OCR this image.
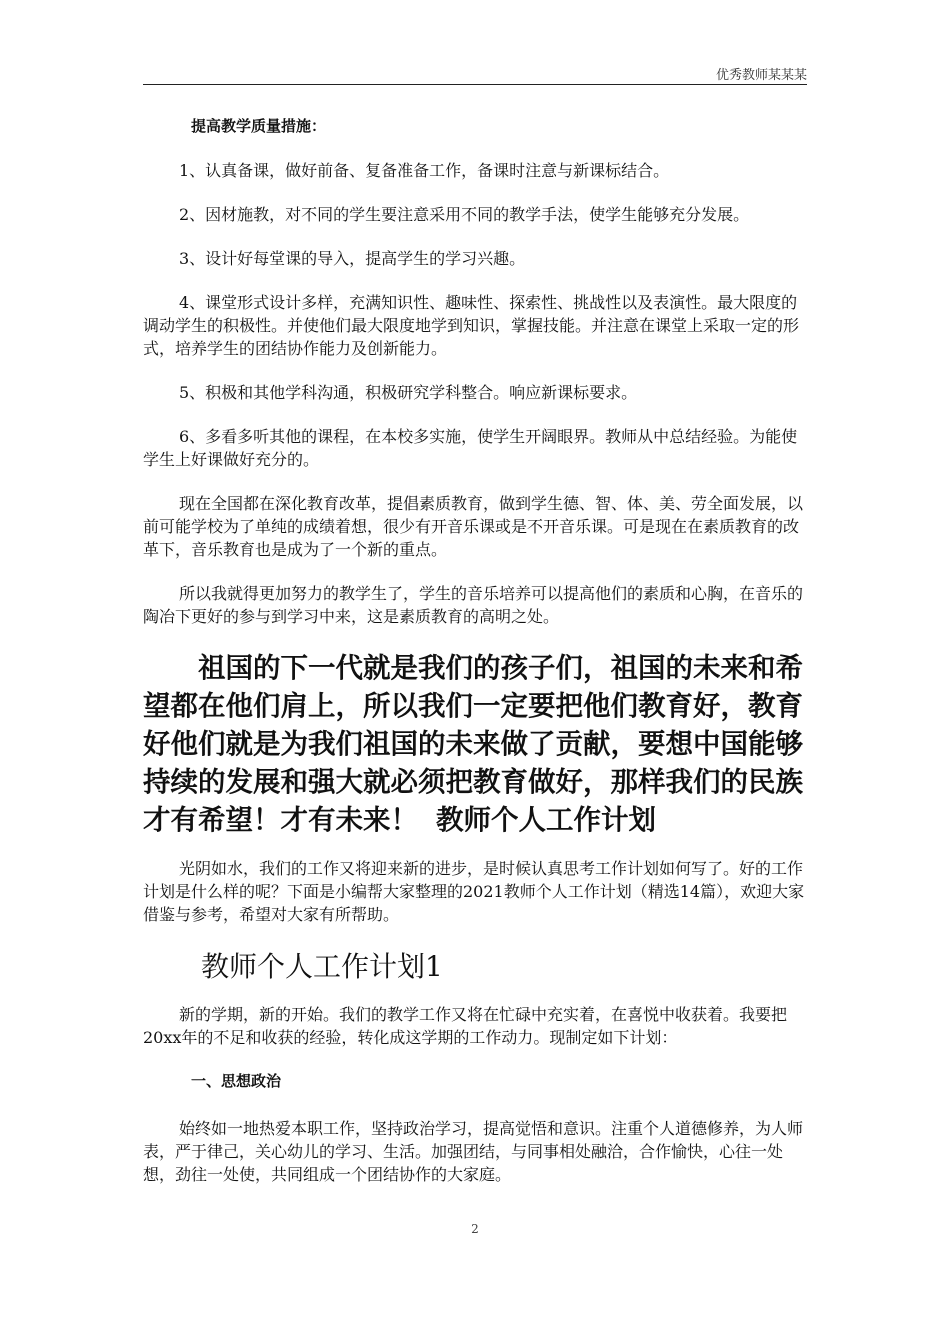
优秀教师某某某
提高教学质量措施：

1、认真备课，做好前备、复备准备工作，备课时注意与新课标结合。

2、因材施教，对不同的学生要注意采用不同的教学手法，使学生能够充分发展。

3、设计好每堂课的导入，提高学生的学习兴趣。

4、课堂形式设计多样，充满知识性、趣味性、探索性、挑战性以及表演性。最大限度的调动学生的积极性。并使他们最大限度地学到知识，掌握技能。并注意在课堂上采取一定的形式，培养学生的团结协作能力及创新能力。

5、积极和其他学科沟通，积极研究学科整合。响应新课标要求。

6、多看多听其他的课程，在本校多实施，使学生开阔眼界。教师从中总结经验。为能使学生上好课做好充分的。

现在全国都在深化教育改革，提倡素质教育，做到学生德、智、体、美、劳全面发展，以前可能学校为了单纯的成绩着想，很少有开音乐课或是不开音乐课。可是现在在素质教育的改革下，音乐教育也是成为了一个新的重点。

所以我就得更加努力的教学生了，学生的音乐培养可以提高他们的素质和心胸，在音乐的陶冶下更好的参与到学习中来，这是素质教育的高明之处。

祖国的下一代就是我们的孩子们，祖国的未来和希望都在他们肩上，所以我们一定要把他们教育好，教育好他们就是为我们祖国的未来做了贡献，要想中国能够持续的发展和强大就必须把教育做好，那样我们的民族才有希望！才有未来！ 教师个人工作计划

光阴如水，我们的工作又将迎来新的进步，是时候认真思考工作计划如何写了。好的工作计划是什么样的呢？下面是小编帮大家整理的2021教师个人工作计划（精选14篇），欢迎大家借鉴与参考，希望对大家有所帮助。

教师个人工作计划1

新的学期，新的开始。我们的教学工作又将在忙碌中充实着，在喜悦中收获着。我要把20xx年的不足和收获的经验，转化成这学期的工作动力。现制定如下计划：

一、思想政治

始终如一地热爱本职工作，坚持政治学习，提高觉悟和意识。注重个人道德修养，为人师表，严于律己，关心幼儿的学习、生活。加强团结，与同事相处融洽，合作愉快，心往一处想，劲往一处使，共同组成一个团结协作的大家庭。

2
